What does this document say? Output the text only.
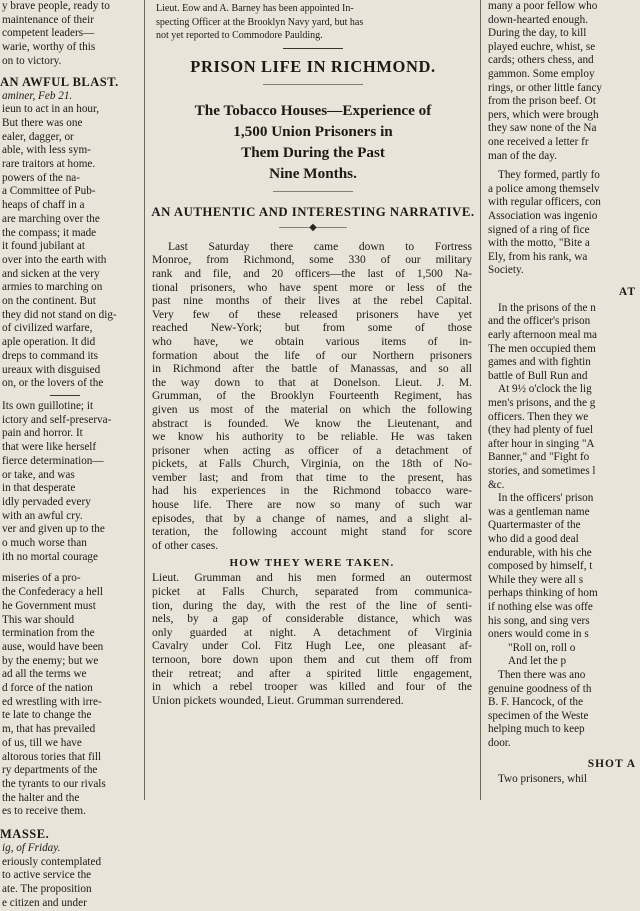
y brave people, ready to
maintenance of their
competent leaders—
warie, worthy of this
on to victory.
AN AWFUL BLAST.
aminer, Feb 21.
ieun to act in an hour,
But there was one
ealer, dagger, or
able, with less sym-
rare traitors at home.
powers of the na-
a Committee of Pub-
heaps of chaff in a
are marching over the
the compass; it made
it found jubilant at
over into the earth with
and sicken at the very
armies to marching on
on the continent. But
they did not stand on dig-
of civilized warfare,
aple operation. It did
dreps to command its
ureaux with disguised
on, or the lovers of the
Its own guillotine; it
ictory and self-preserva-
pain and horror. It
that were like herself
fierce determination—
or take, and was
in that desperate
idly pervaded every
with an awful cry.
ver and given up to the
o much worse than
ith no mortal courage
miseries of a pro-
the Confederacy a hell
he Government must
This war should
termination from the
ause, would have been
by the enemy; but we
ad all the terms we
d force of the nation
ed wrestling with irre-
te late to change the
m, that has prevailed
of us, till we have
altorous tories that fill
ry departments of the
the tyrants to our rivals
the halter and the
es to receive them.
MASSE.
ig, of Friday.
eriously contemplated
to active service the
ate. The proposition
e citizen and under
Lieut. Eow and A. Barney has been appointed In-
specting Officer at the Brooklyn Navy yard, but has
not yet reported to Commodore Paulding.
PRISON LIFE IN RICHMOND.
——————————
The Tobacco Houses—Experience of
1,500 Union Prisoners in
Them During the Past
Nine Months.
————————
AN AUTHENTIC AND INTERESTING NARRATIVE.
———◆———
Last Saturday there came down to Fortress
Monroe, from Richmond, some 330 of our military
rank and file, and 20 officers—the last of 1,500 Na-
tional prisoners, who have spent more or less of the
past nine months of their lives at the rebel Capital.
Very few of these released prisoners have yet
reached New-York; but from some of those
who have, we obtain various items of in-
formation about the life of our Northern prisoners
in Richmond after the battle of Manassas, and so all
the way down to that at Donelson. Lieut. J. M.
Grumman, of the Brooklyn Fourteenth Regiment, has
given us most of the material on which the following
abstract is founded. We know the Lieutenant, and
we know his authority to be reliable. He was taken
prisoner when acting as officer of a detachment of
pickets, at Falls Church, Virginia, on the 18th of No-
vember last; and from that time to the present, has
had his experiences in the Richmond tobacco ware-
house life. There are now so many of such war
episodes, that by a change of names, and a slight al-
teration, the following account might stand for score
of other cases.
HOW THEY WERE TAKEN.
Lieut. Grumman and his men formed an outermost
picket at Falls Church, separated from communica-
tion, during the day, with the rest of the line of senti-
nels, by a gap of considerable distance, which was
only guarded at night. A detachment of Virginia
Cavalry under Col. Fitz Hugh Lee, one pleasant af-
ternoon, bore down upon them and cut them off from
their retreat; and after a spirited little engagement,
in which a rebel trooper was killed and four of the
Union pickets wounded, Lieut. Grumman surrendered.
many a poor fellow who
down-hearted enough.
During the day, to kill
played euchre, whist, se
cards; others chess, and
gammon. Some employ
rings, or other little fancy
from the prison beef. Ot
pers, which were brough
they saw none of the Na
one received a letter fr
man of the day.
They formed, partly fo
a police among themselv
with regular officers, con
Association was ingenio
signed of a ring of fice
with the motto, "Bite a
Ely, from his rank, wa
Society.
AT
In the prisons of the n
and the officer's prison
early afternoon meal ma
The men occupied them
games and with fightin
battle of Bull Run and
At 9½ o'clock the lig
men's prisons, and the g
officers. Then they we
(they had plenty of fuel
after hour in singing "A
Banner," and "Fight fo
stories, and sometimes l
&c.
In the officers' prison
was a gentleman name
Quartermaster of the
who did a good deal
endurable, with his che
composed by himself, t
While they were all s
perhaps thinking of hom
if nothing else was offe
his song, and sing vers
oners would come in s
"Roll on, roll o
And let the p
Then there was ano
genuine goodness of th
B. F. Hancock, of the
specimen of the Weste
helping much to keep
door.
SHOT A
Two prisoners, whil
